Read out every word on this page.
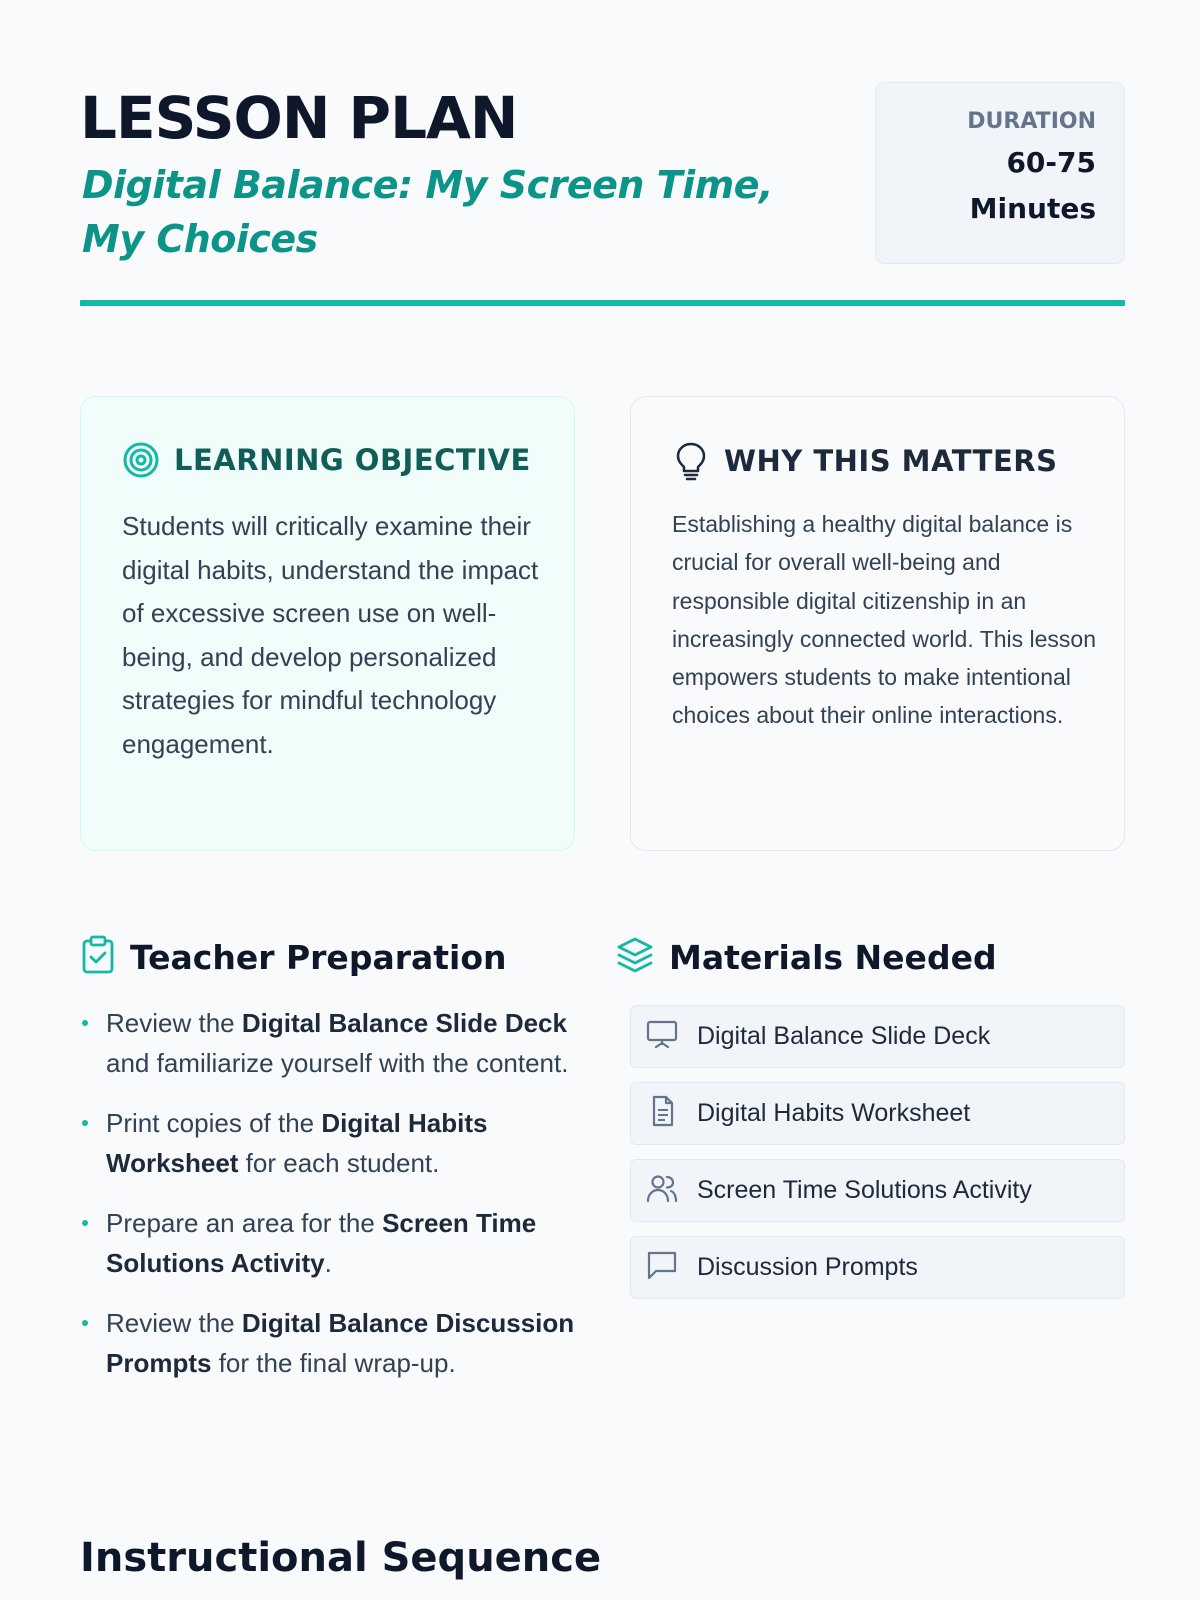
LESSON PLAN
Digital Balance: My Screen Time, My Choices
DURATION
60-75 Minutes
LEARNING OBJECTIVE

Students will critically examine their digital habits, understand the impact of excessive screen use on well-being, and develop personalized strategies for mindful technology engagement.

WHY THIS MATTERS

Establishing a healthy digital balance is crucial for overall well-being and responsible digital citizenship in an increasingly connected world. This lesson empowers students to make intentional choices about their online interactions.

Teacher Preparation
Review the Digital Balance Slide Deck and familiarize yourself with the content.
Print copies of the Digital Habits Worksheet for each student.
Prepare an area for the Screen Time Solutions Activity.
Review the Digital Balance Discussion Prompts for the final wrap-up.
Materials Needed
Digital Balance Slide Deck
Digital Habits Worksheet
Screen Time Solutions Activity
Discussion Prompts
Instructional Sequence
